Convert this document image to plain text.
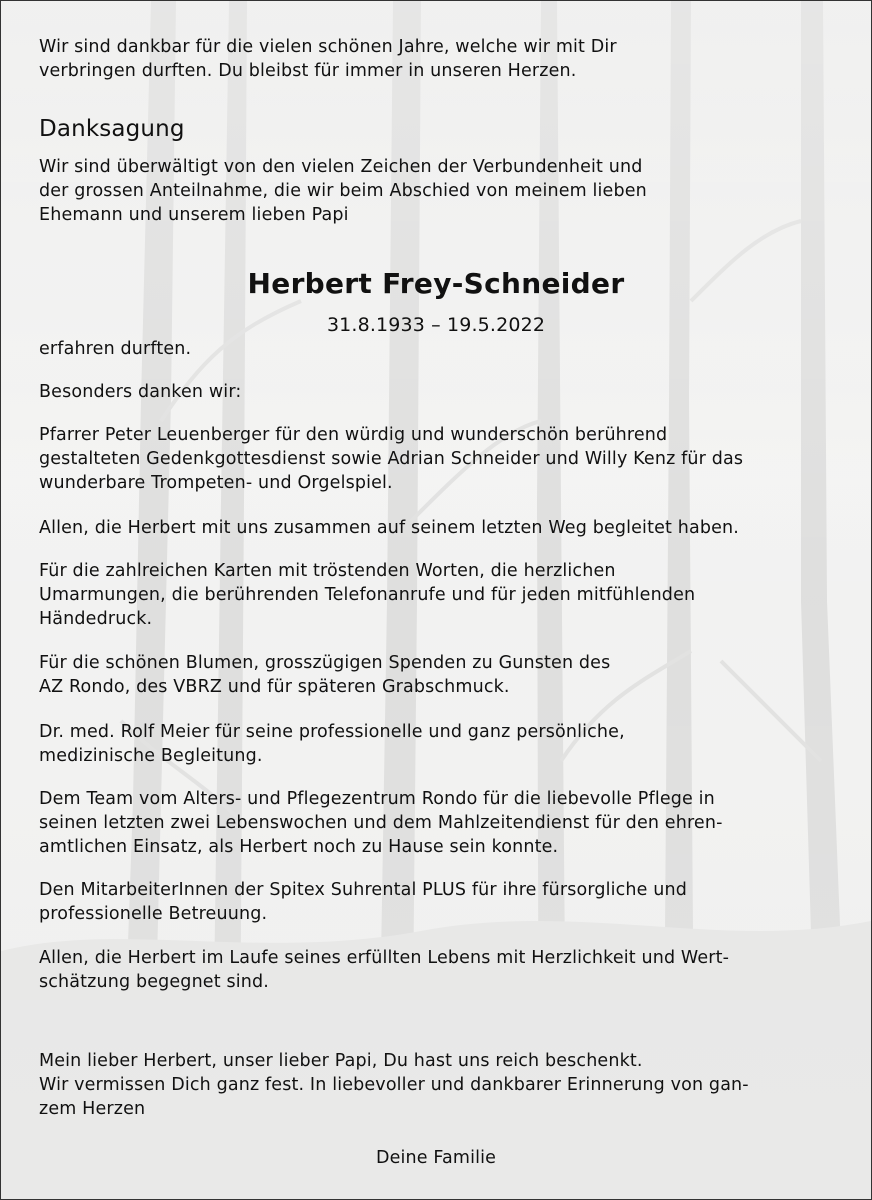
Wir sind dankbar für die vielen schönen Jahre, welche wir mit Dir

verbringen durften. Du bleibst für immer in unseren Herzen.

Danksagung

Wir sind überwältigt von den vielen Zeichen der Verbundenheit und

der grossen Anteilnahme, die wir beim Abschied von meinem lieben

Ehemann und unserem lieben Papi

Herbert Frey-Schneider

31.8.1933 – 19.5.2022

erfahren durften.

Besonders danken wir:

Pfarrer Peter Leuenberger für den würdig und wunderschön berührend

gestalteten Gedenkgottesdienst sowie Adrian Schneider und Willy Kenz für das

wunderbare Trompeten- und Orgelspiel.

Allen, die Herbert mit uns zusammen auf seinem letzten Weg begleitet haben.

Für die zahlreichen Karten mit tröstenden Worten, die herzlichen

Umarmungen, die berührenden Telefonanrufe und für jeden mitfühlenden

Händedruck.

Für die schönen Blumen, grosszügigen Spenden zu Gunsten des

AZ Rondo, des VBRZ und für späteren Grabschmuck.

Dr. med. Rolf Meier für seine professionelle und ganz persönliche,

medizinische Begleitung.

Dem Team vom Alters- und Pflegezentrum Rondo für die liebevolle Pflege in

seinen letzten zwei Lebenswochen und dem Mahlzeitendienst für den ehren-

amtlichen Einsatz, als Herbert noch zu Hause sein konnte.

Den MitarbeiterInnen der Spitex Suhrental PLUS für ihre fürsorgliche und

professionelle Betreuung.

Allen, die Herbert im Laufe seines erfüllten Lebens mit Herzlichkeit und Wert-

schätzung begegnet sind.

Mein lieber Herbert, unser lieber Papi, Du hast uns reich beschenkt.

Wir vermissen Dich ganz fest. In liebevoller und dankbarer Erinnerung von gan-

zem Herzen

Deine Familie
